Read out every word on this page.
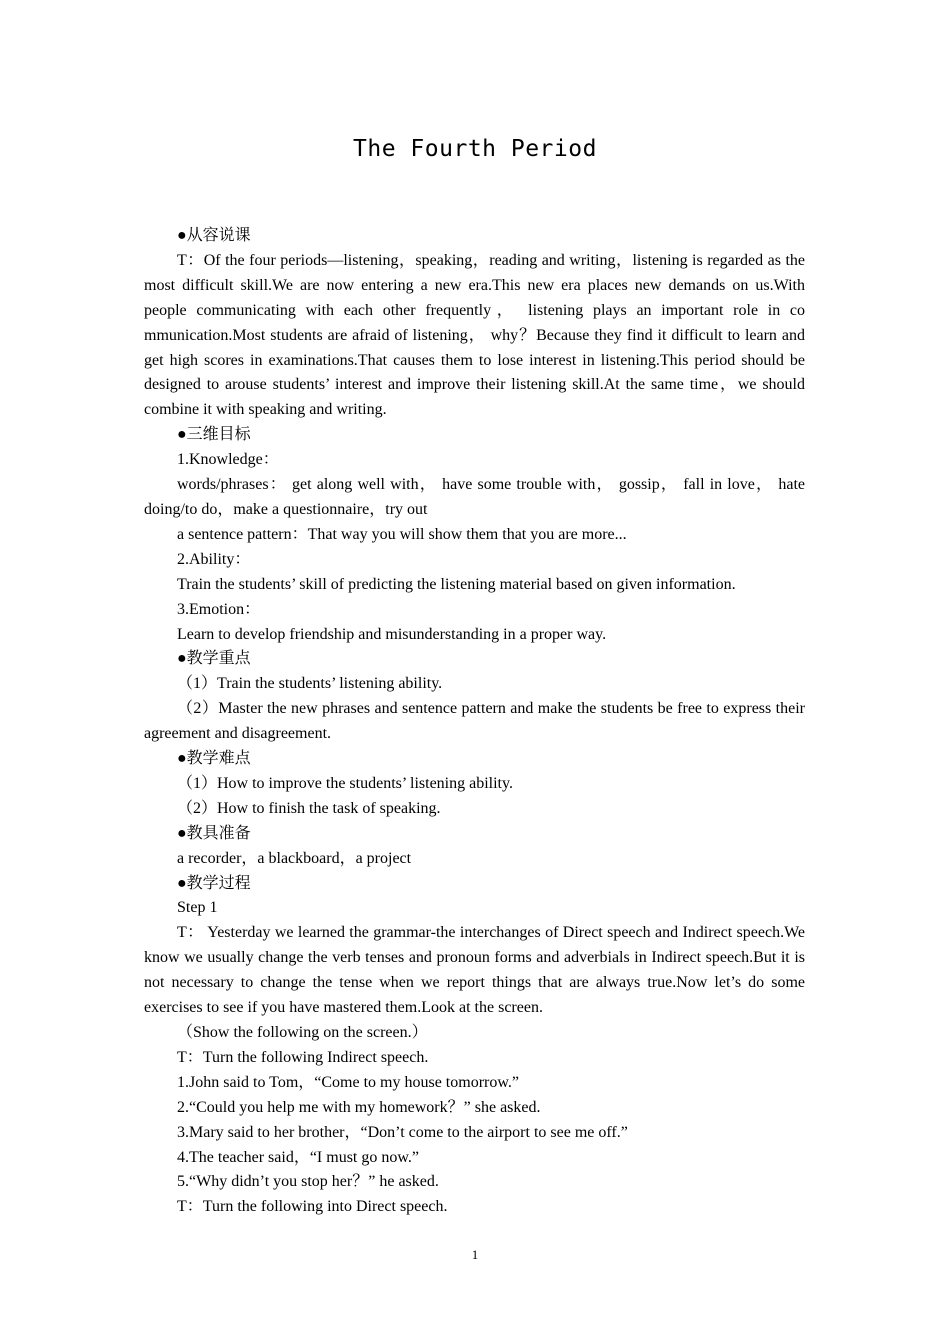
The Fourth Period

●从容说课

T：Of the four periods—listening，speaking，reading and writing，listening is regarded as the most difficult skill.We are now entering a new era.This new era places new demands on us.With people communicating with each other frequently， listening plays an important role in co mmunication.Most students are afraid of listening， why？Because they find it difficult to learn and get high scores in examinations.That causes them to lose interest in listening.This period should be designed to arouse students’ interest and improve their listening skill.At the same time，we should combine it with speaking and writing.

●三维目标

1.Knowledge：

words/phrases： get along well with， have some trouble with， gossip， fall in love， hate doing/to do，make a questionnaire，try out

a sentence pattern：That way you will show them that you are more...

2.Ability：

Train the students’ skill of predicting the listening material based on given information.

3.Emotion：

Learn to develop friendship and misunderstanding in a proper way.

●教学重点

（1）Train the students’ listening ability.

（2）Master the new phrases and sentence pattern and make the students be free to express their agreement and disagreement.

●教学难点

（1）How to improve the students’ listening ability.

（2）How to finish the task of speaking.

●教具准备

a recorder，a blackboard，a project

●教学过程

Step 1

T： Yesterday we learned the grammar-the interchanges of Direct speech and Indirect speech.We know we usually change the verb tenses and pronoun forms and adverbials in Indirect speech.But it is not necessary to change the tense when we report things that are always true.Now let’s do some exercises to see if you have mastered them.Look at the screen.

（Show the following on the screen.）

T：Turn the following Indirect speech.

1.John said to Tom，“Come to my house tomorrow.”

2.“Could you help me with my homework？” she asked.

3.Mary said to her brother，“Don’t come to the airport to see me off.”

4.The teacher said，“I must go now.”

5.“Why didn’t you stop her？” he asked.

T：Turn the following into Direct speech.

1
